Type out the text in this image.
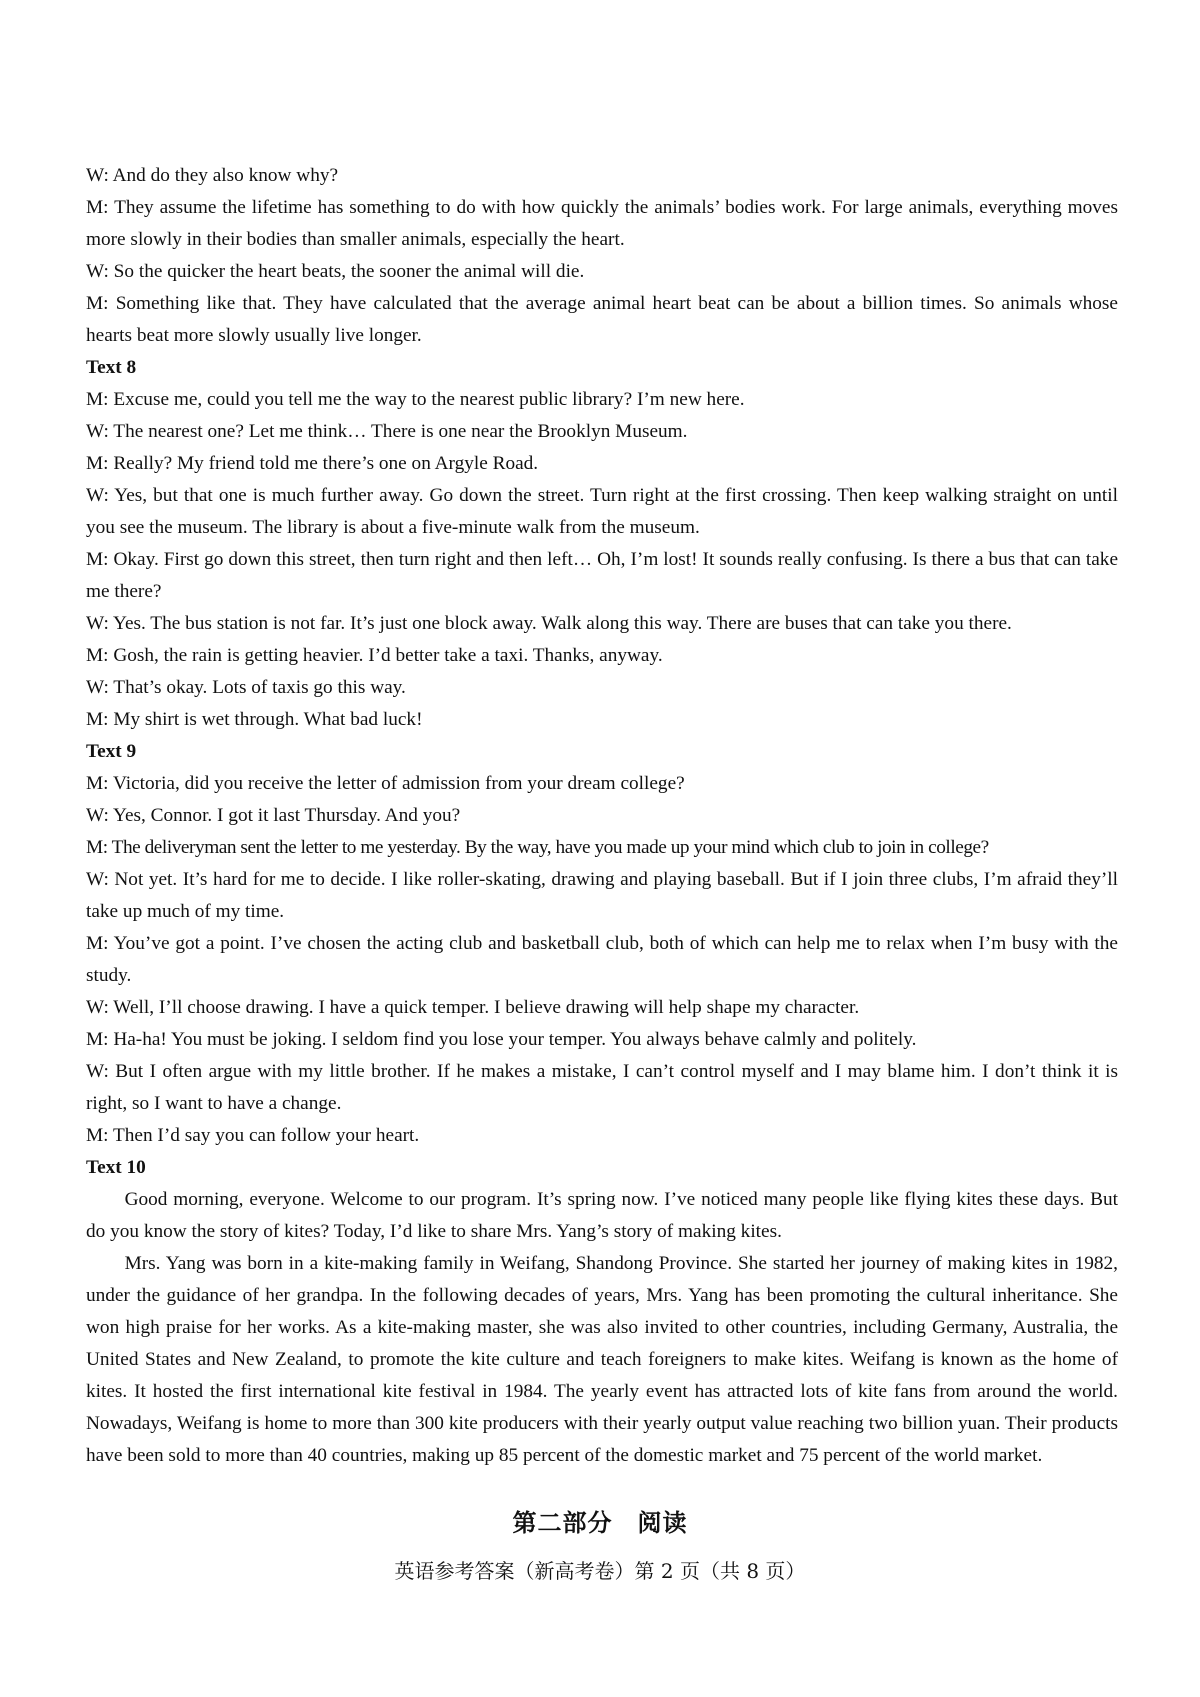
W: And do they also know why?

M: They assume the lifetime has something to do with how quickly the animals’ bodies work. For large animals, everything moves more slowly in their bodies than smaller animals, especially the heart.

W: So the quicker the heart beats, the sooner the animal will die.

M: Something like that. They have calculated that the average animal heart beat can be about a billion times. So animals whose hearts beat more slowly usually live longer.

Text 8

M: Excuse me, could you tell me the way to the nearest public library? I’m new here.

W: The nearest one? Let me think… There is one near the Brooklyn Museum.

M: Really? My friend told me there’s one on Argyle Road.

W: Yes, but that one is much further away. Go down the street. Turn right at the first crossing. Then keep walking straight on until you see the museum. The library is about a five-minute walk from the museum.

M: Okay. First go down this street, then turn right and then left… Oh, I’m lost! It sounds really confusing. Is there a bus that can take me there?

W: Yes. The bus station is not far. It’s just one block away. Walk along this way. There are buses that can take you there.

M: Gosh, the rain is getting heavier. I’d better take a taxi. Thanks, anyway.

W: That’s okay. Lots of taxis go this way.

M: My shirt is wet through. What bad luck!

Text 9

M: Victoria, did you receive the letter of admission from your dream college?

W: Yes, Connor. I got it last Thursday. And you?

M: The deliveryman sent the letter to me yesterday. By the way, have you made up your mind which club to join in college?

W: Not yet. It’s hard for me to decide. I like roller-skating, drawing and playing baseball. But if I join three clubs, I’m afraid they’ll take up much of my time.

M: You’ve got a point. I’ve chosen the acting club and basketball club, both of which can help me to relax when I’m busy with the study.

W: Well, I’ll choose drawing. I have a quick temper. I believe drawing will help shape my character.

M: Ha-ha! You must be joking. I seldom find you lose your temper. You always behave calmly and politely.

W: But I often argue with my little brother. If he makes a mistake, I can’t control myself and I may blame him. I don’t think it is right, so I want to have a change.

M: Then I’d say you can follow your heart.

Text 10

Good morning, everyone. Welcome to our program. It’s spring now. I’ve noticed many people like flying kites these days. But do you know the story of kites? Today, I’d like to share Mrs. Yang’s story of making kites.

Mrs. Yang was born in a kite-making family in Weifang, Shandong Province. She started her journey of making kites in 1982, under the guidance of her grandpa. In the following decades of years, Mrs. Yang has been promoting the cultural inheritance. She won high praise for her works. As a kite-making master, she was also invited to other countries, including Germany, Australia, the United States and New Zealand, to promote the kite culture and teach foreigners to make kites. Weifang is known as the home of kites. It hosted the first international kite festival in 1984. The yearly event has attracted lots of kite fans from around the world. Nowadays, Weifang is home to more than 300 kite producers with their yearly output value reaching two billion yuan. Their products have been sold to more than 40 countries, making up 85 percent of the domestic market and 75 percent of the world market.

第二部分　阅读
英语参考答案（新高考卷）第 2 页（共 8 页）
